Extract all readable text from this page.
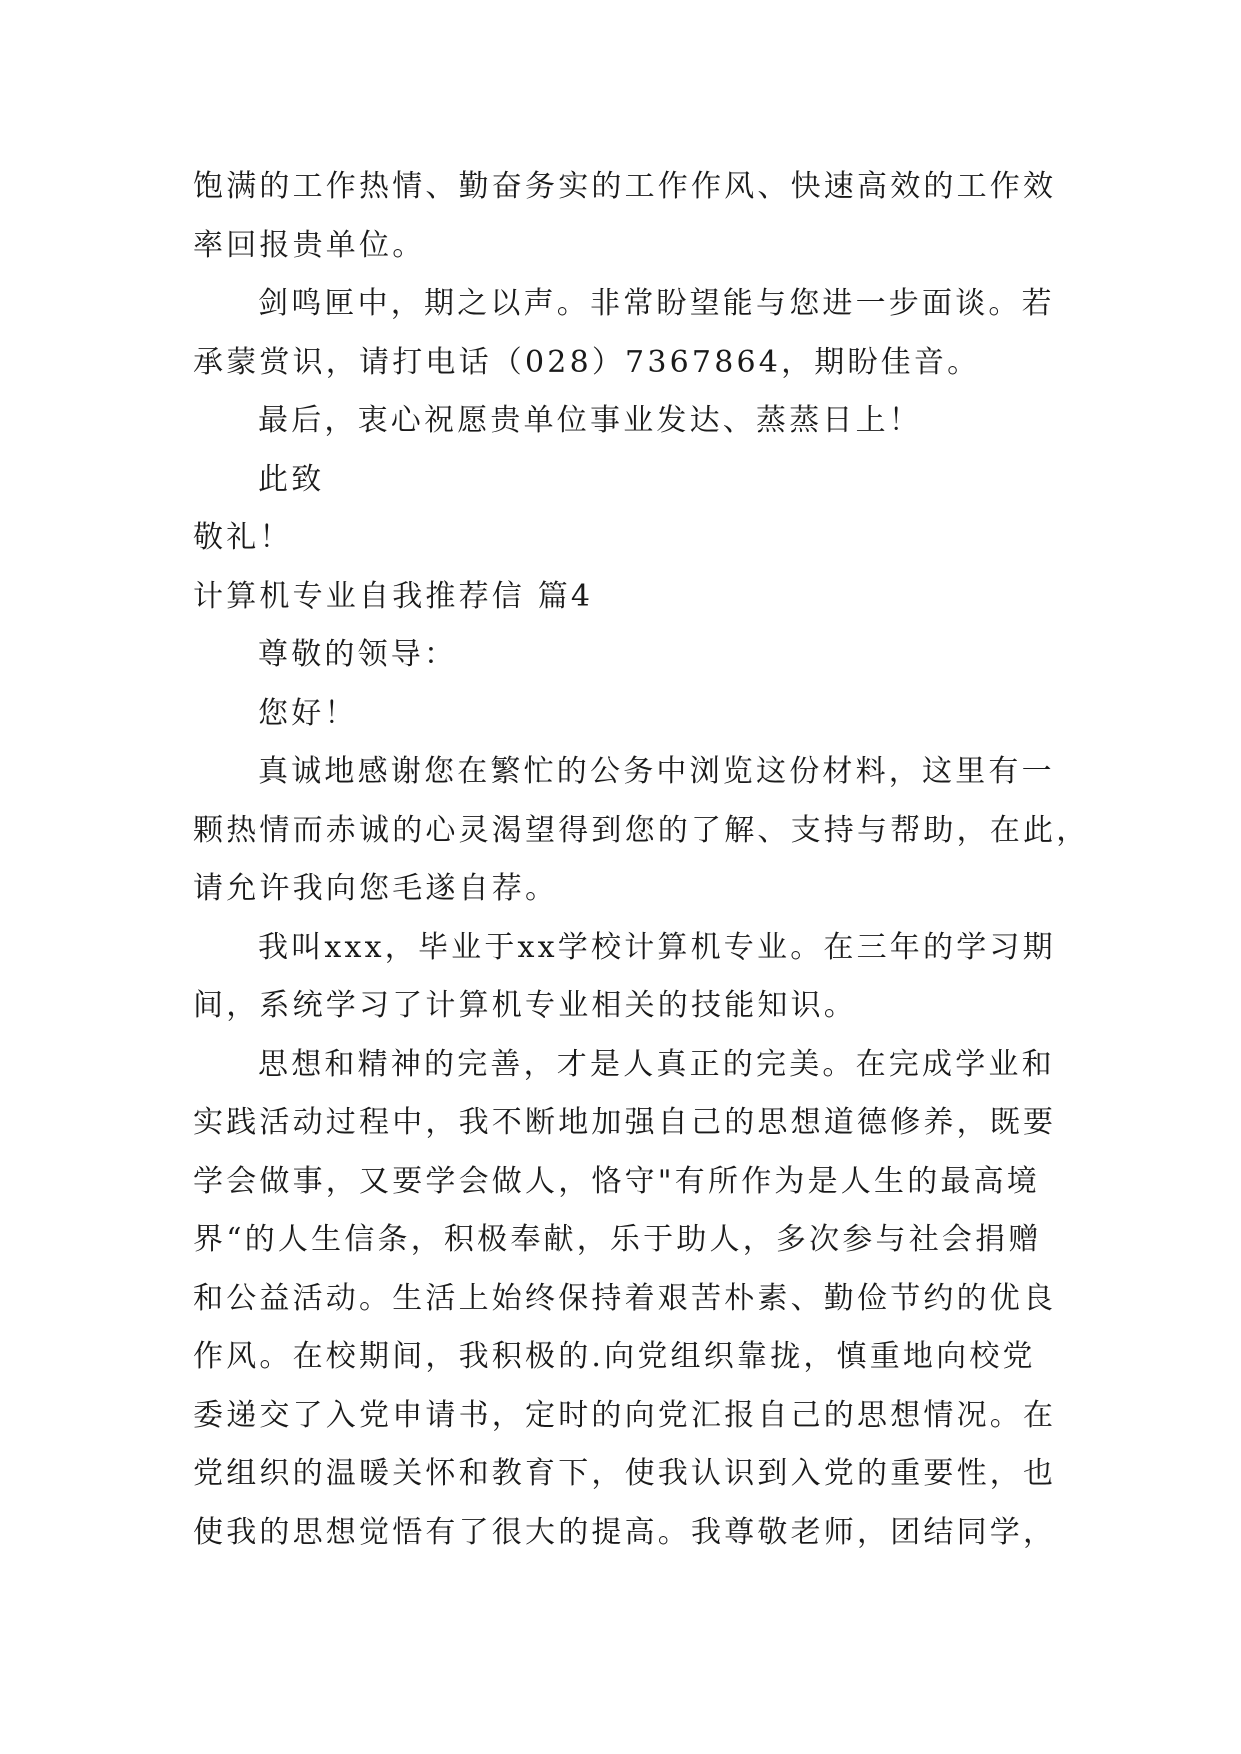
饱满的工作热情、勤奋务实的工作作风、快速高效的工作效
率回报贵单位。
剑鸣匣中，期之以声。非常盼望能与您进一步面谈。若
承蒙赏识，请打电话（028）7367864，期盼佳音。
最后，衷心祝愿贵单位事业发达、蒸蒸日上！
此致
敬礼！
计算机专业自我推荐信 篇4
尊敬的领导：
您好！
真诚地感谢您在繁忙的公务中浏览这份材料，这里有一
颗热情而赤诚的心灵渴望得到您的了解、支持与帮助，在此，
请允许我向您毛遂自荐。
我叫xxx，毕业于xx学校计算机专业。在三年的学习期
间，系统学习了计算机专业相关的技能知识。
思想和精神的完善，才是人真正的完美。在完成学业和
实践活动过程中，我不断地加强自己的思想道德修养，既要
学会做事，又要学会做人，恪守"有所作为是人生的最高境
界“的人生信条，积极奉献，乐于助人，多次参与社会捐赠
和公益活动。生活上始终保持着艰苦朴素、勤俭节约的优良
作风。在校期间，我积极的.向党组织靠拢，慎重地向校党
委递交了入党申请书，定时的向党汇报自己的思想情况。在
党组织的温暖关怀和教育下，使我认识到入党的重要性，也
使我的思想觉悟有了很大的提高。我尊敬老师，团结同学，
